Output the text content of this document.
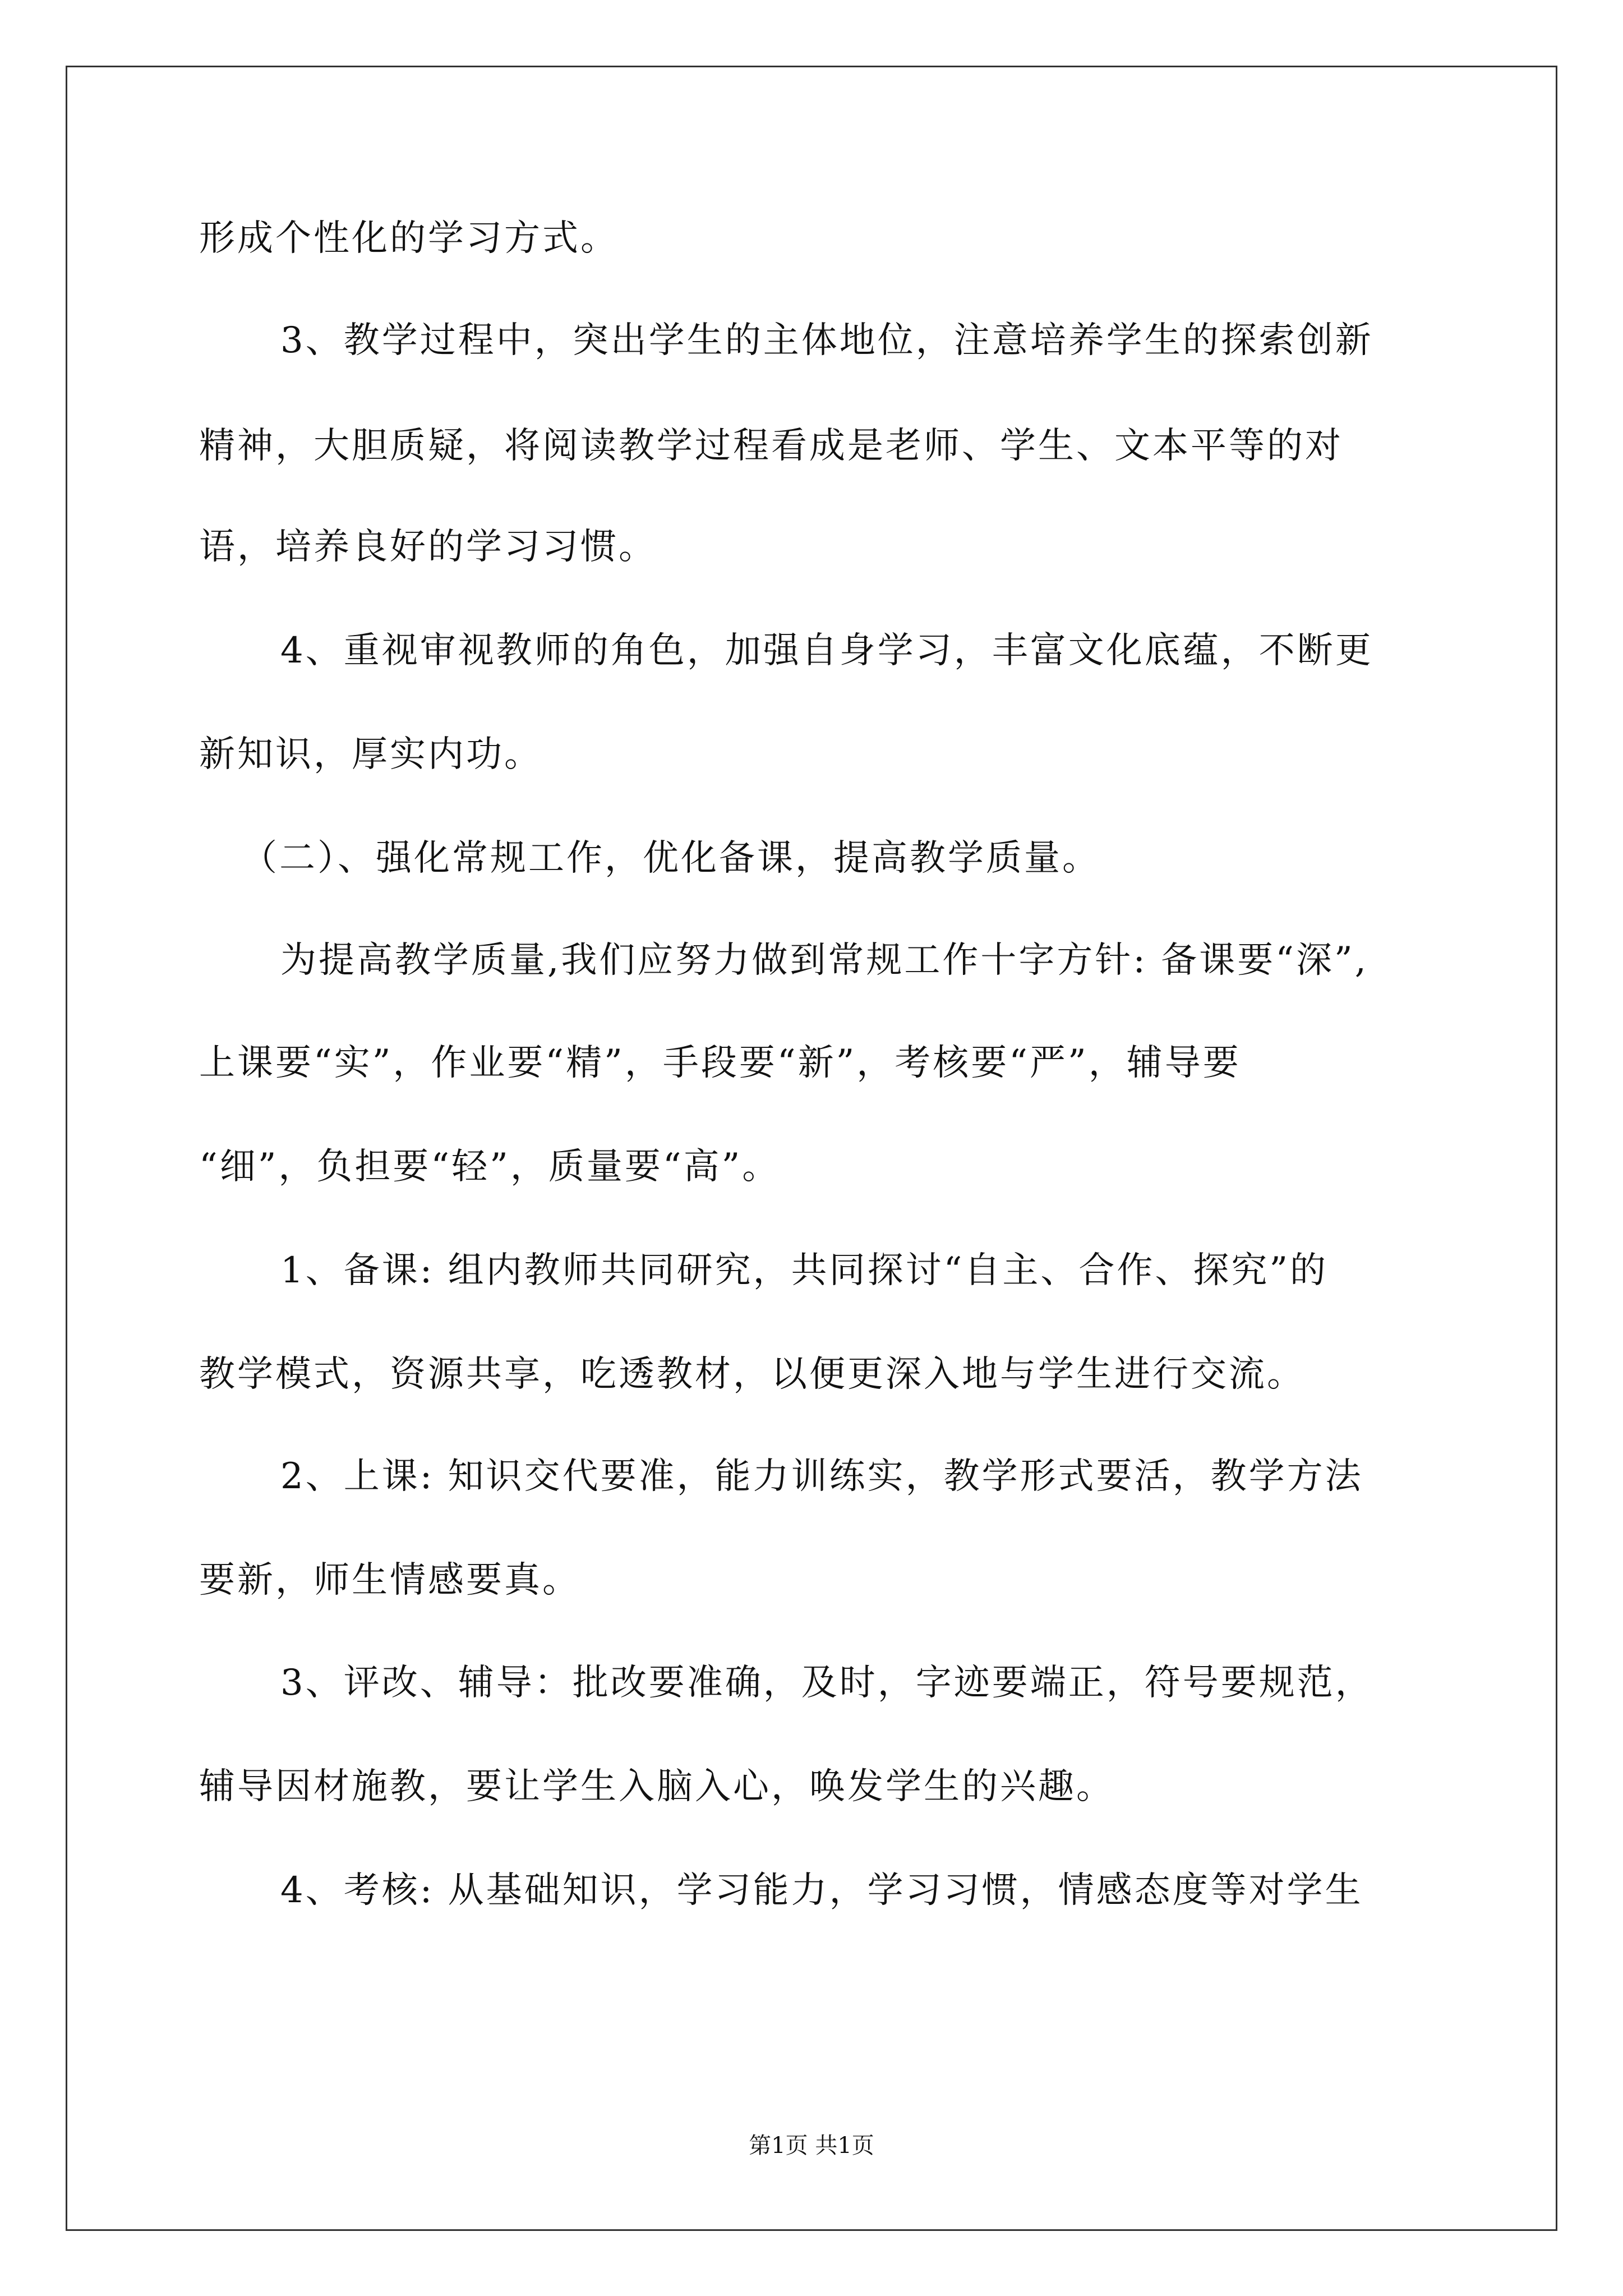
形成个性化的学习方式。
3、教学过程中，突出学生的主体地位，注意培养学生的探索创新
精神，大胆质疑，将阅读教学过程看成是老师、学生、文本平等的对
语，培养良好的学习习惯。
4、重视审视教师的角色，加强自身学习，丰富文化底蕴，不断更
新知识，厚实内功。
（二）、强化常规工作，优化备课，提高教学质量。
为提高教学质量,我们应努力做到常规工作十字方针: 备课要“深”,
上课要“实”，作业要“精”，手段要“新”，考核要“严”，辅导要
“细”，负担要“轻”，质量要“高”。
1、备课: 组内教师共同研究，共同探讨“自主、合作、探究”的
教学模式，资源共享，吃透教材，以便更深入地与学生进行交流。
2、上课: 知识交代要准，能力训练实，教学形式要活，教学方法
要新，师生情感要真。
3、评改、辅导：批改要准确，及时，字迹要端正，符号要规范，
辅导因材施教，要让学生入脑入心，唤发学生的兴趣。
4、考核: 从基础知识，学习能力，学习习惯，情感态度等对学生
第1页 共1页
